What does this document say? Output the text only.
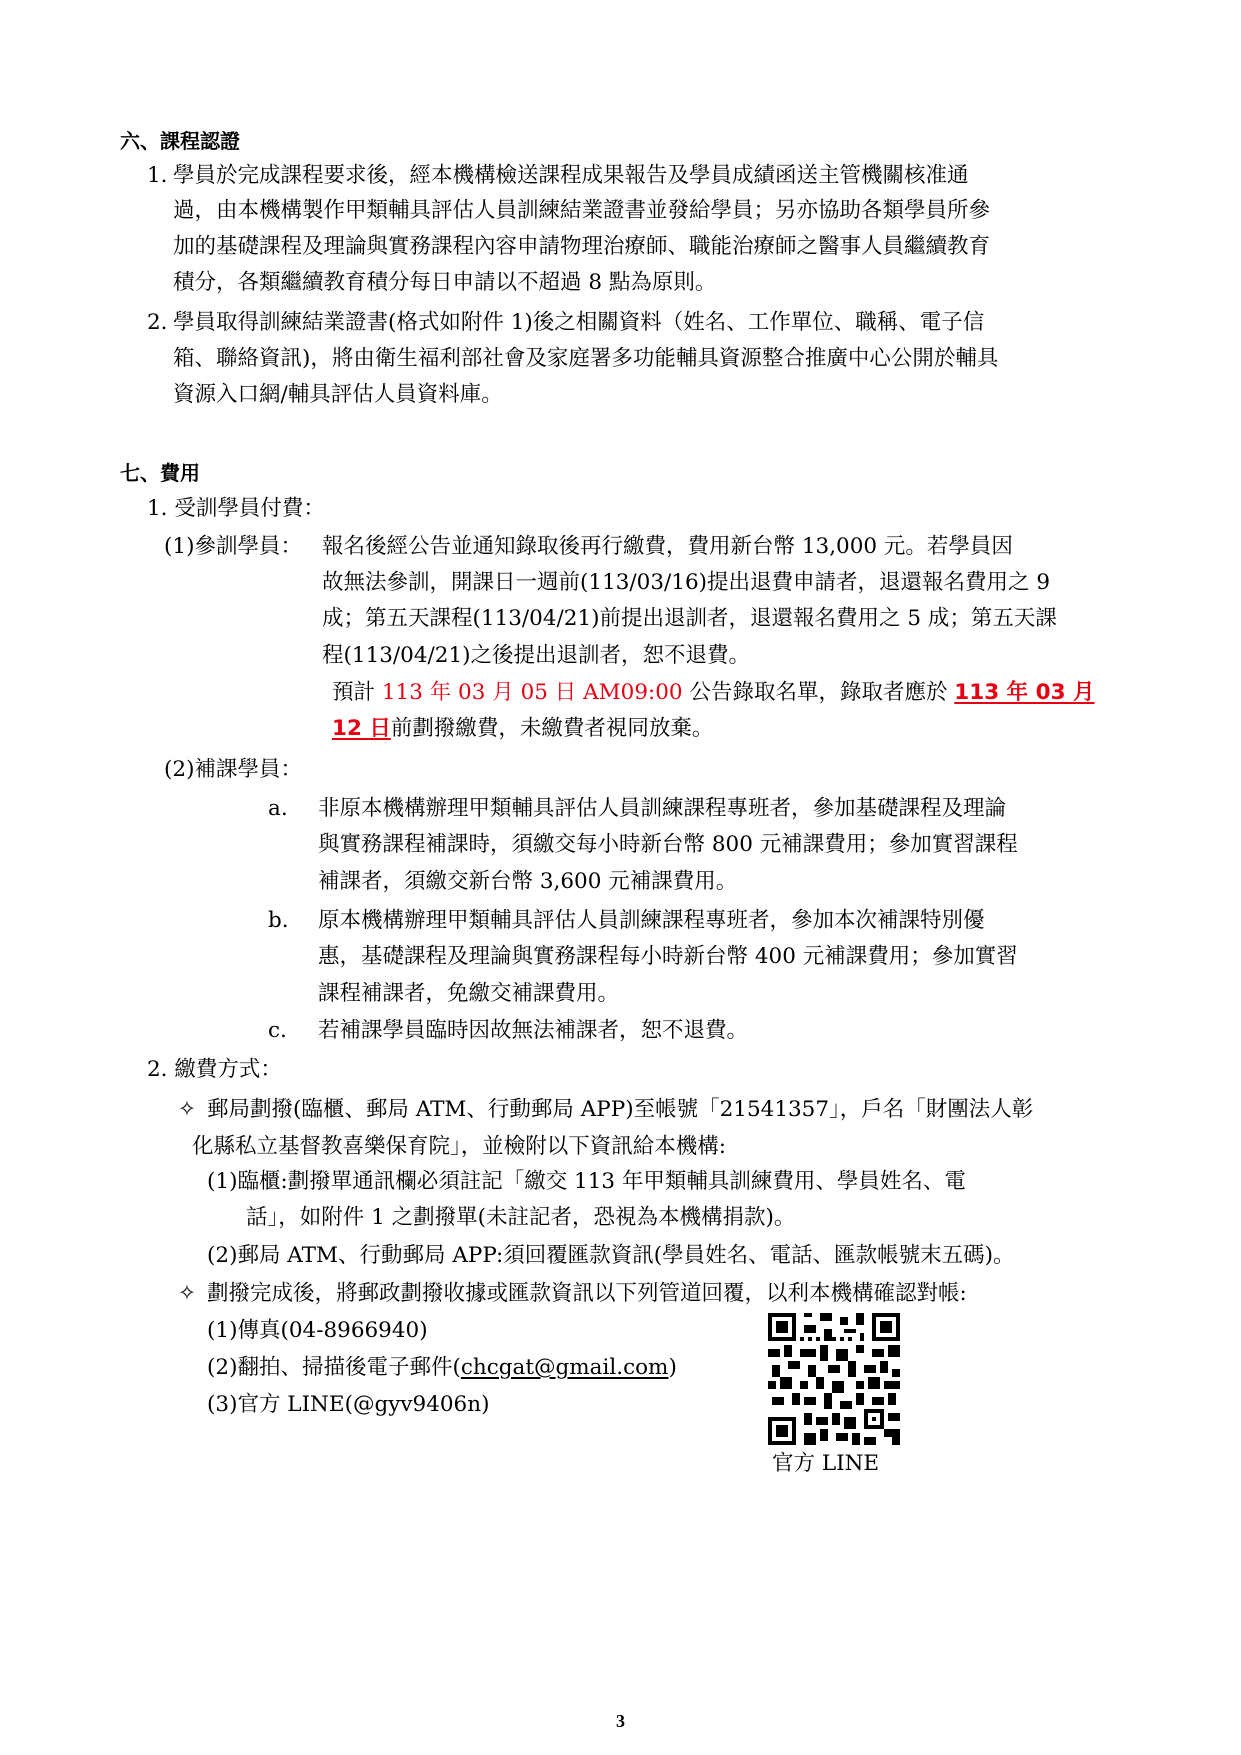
六、課程認證
1. 學員於完成課程要求後，經本機構檢送課程成果報告及學員成績函送主管機關核准通
過，由本機構製作甲類輔具評估人員訓練結業證書並發給學員；另亦協助各類學員所參
加的基礎課程及理論與實務課程內容申請物理治療師、職能治療師之醫事人員繼續教育
積分，各類繼續教育積分每日申請以不超過 8 點為原則。
2. 學員取得訓練結業證書(格式如附件 1)後之相關資料（姓名、工作單位、職稱、電子信
箱、聯絡資訊)，將由衛生福利部社會及家庭署多功能輔具資源整合推廣中心公開於輔具
資源入口網/輔具評估人員資料庫。
七、費用
1. 受訓學員付費：
(1)參訓學員： 報名後經公告並通知錄取後再行繳費，費用新台幣 13,000 元。若學員因
故無法參訓，開課日一週前(113/03/16)提出退費申請者，退還報名費用之 9
成；第五天課程(113/04/21)前提出退訓者，退還報名費用之 5 成；第五天課
程(113/04/21)之後提出退訓者，恕不退費。
預計 113 年 03 月 05 日 AM09:00 公告錄取名單，錄取者應於 113 年 03 月
12 日前劃撥繳費，未繳費者視同放棄。
(2)補課學員：
a. 非原本機構辦理甲類輔具評估人員訓練課程專班者，參加基礎課程及理論
與實務課程補課時，須繳交每小時新台幣 800 元補課費用；參加實習課程
補課者，須繳交新台幣 3,600 元補課費用。
b. 原本機構辦理甲類輔具評估人員訓練課程專班者，參加本次補課特別優
惠，基礎課程及理論與實務課程每小時新台幣 400 元補課費用；參加實習
課程補課者，免繳交補課費用。
c. 若補課學員臨時因故無法補課者，恕不退費。
2. 繳費方式：
✧ 郵局劃撥(臨櫃、郵局 ATM、行動郵局 APP)至帳號「21541357」，戶名「財團法人彰
化縣私立基督教喜樂保育院」，並檢附以下資訊給本機構:
(1)臨櫃:劃撥單通訊欄必須註記「繳交 113 年甲類輔具訓練費用、學員姓名、電
話」，如附件 1 之劃撥單(未註記者，恐視為本機構捐款)。
(2)郵局 ATM、行動郵局 APP:須回覆匯款資訊(學員姓名、電話、匯款帳號末五碼)。
✧ 劃撥完成後，將郵政劃撥收據或匯款資訊以下列管道回覆，以利本機構確認對帳:
(1)傳真(04-8966940)
(2)翻拍、掃描後電子郵件(chcgat@gmail.com)
(3)官方 LINE(@gyv9406n)
官方 LINE
3
